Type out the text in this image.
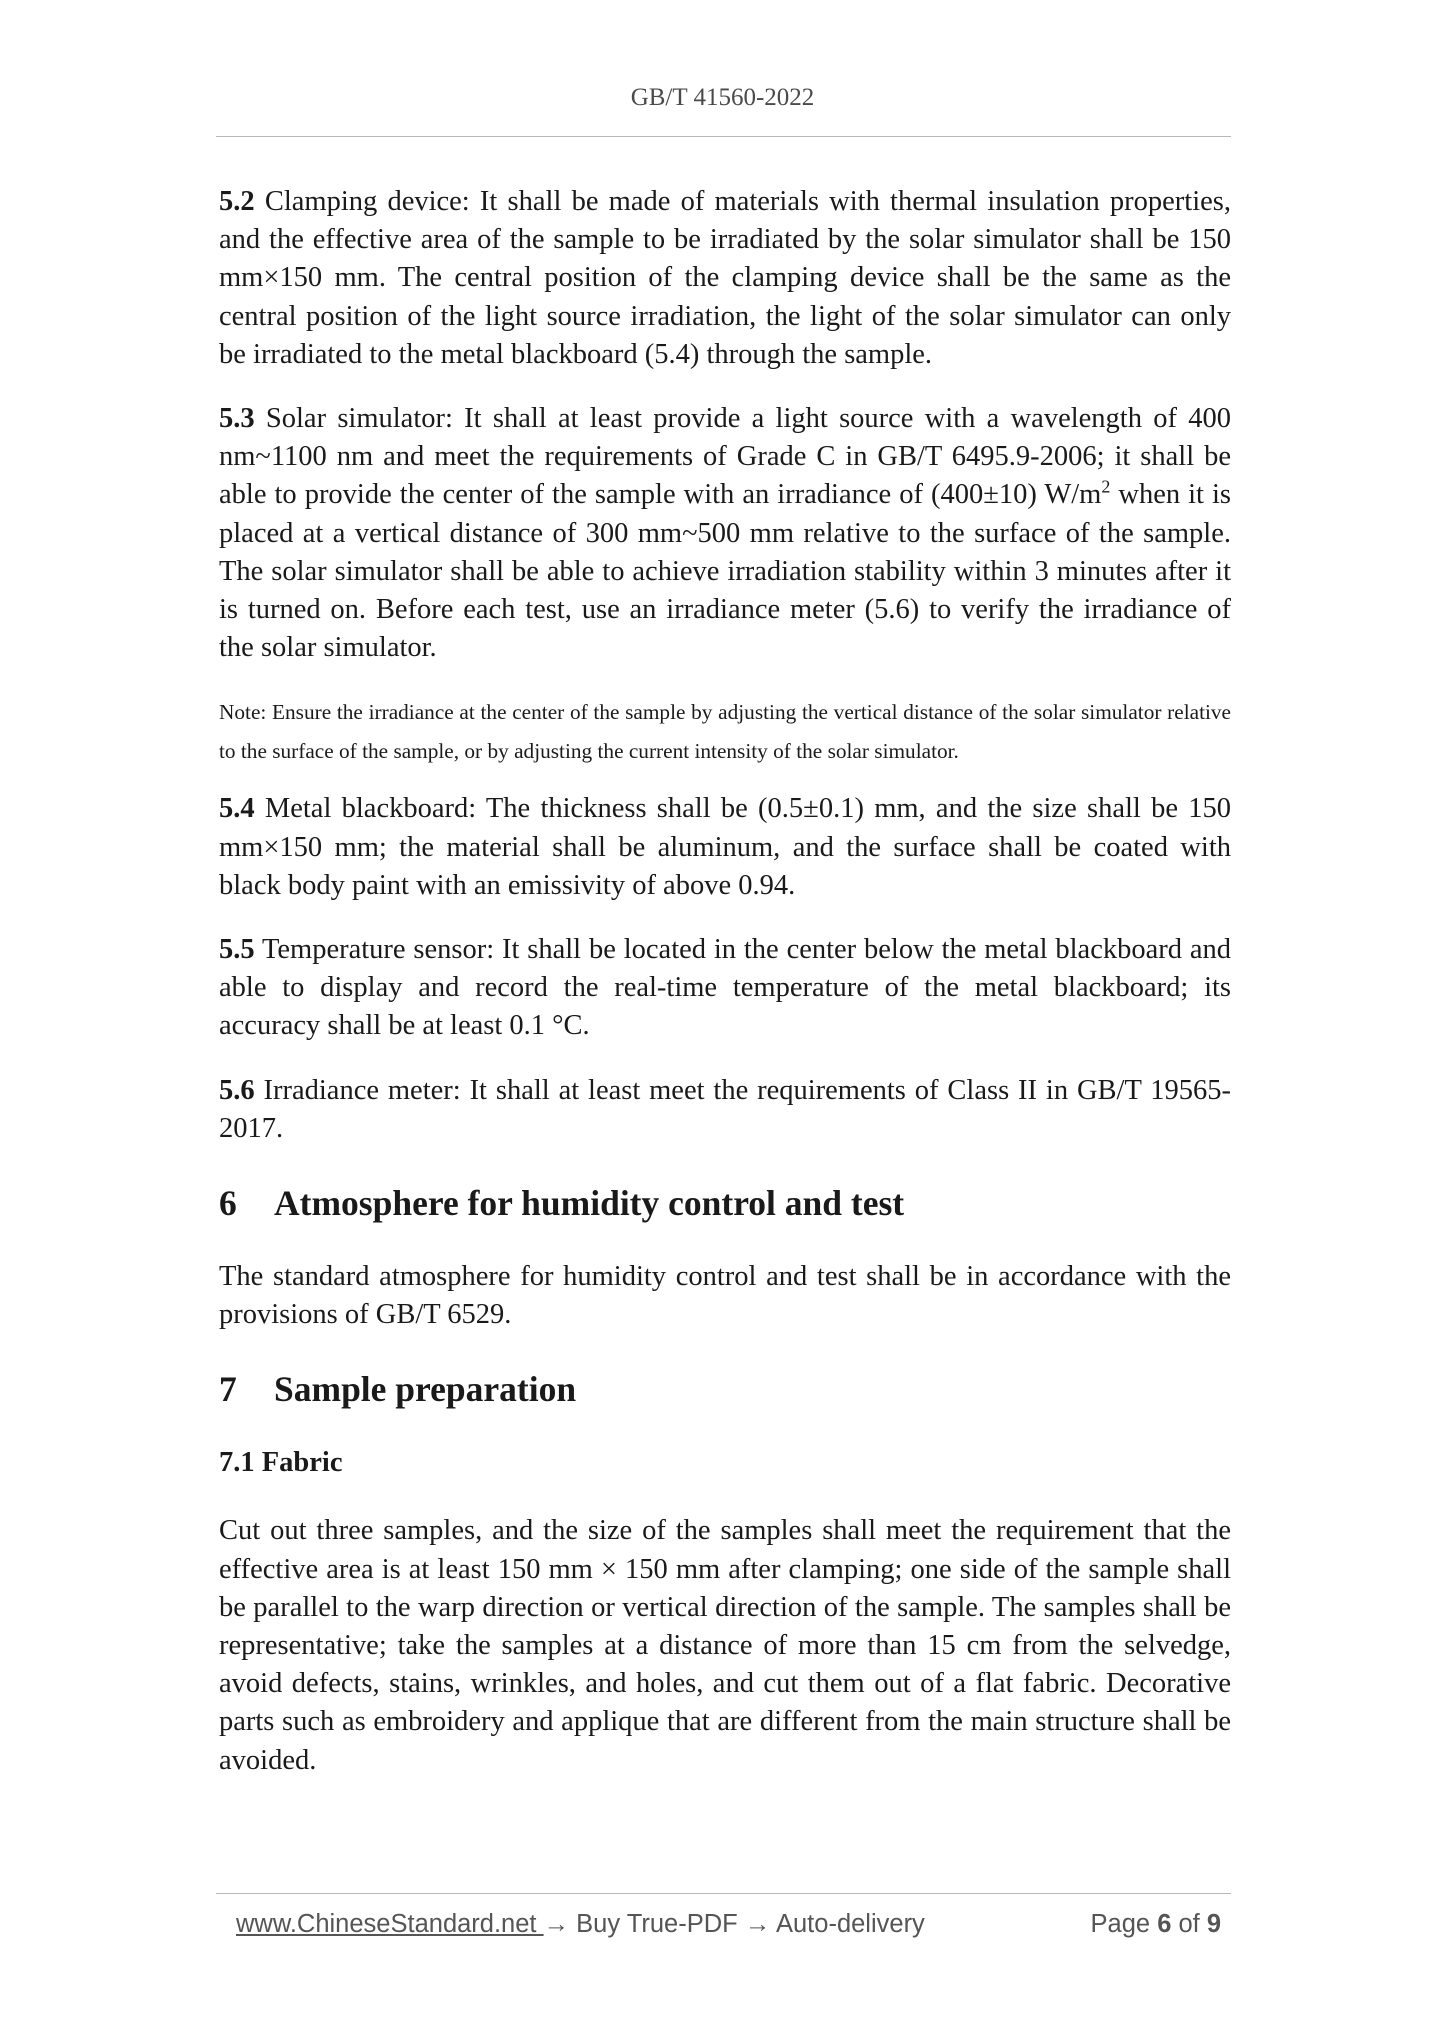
GB/T 41560-2022

5.2 Clamping device: It shall be made of materials with thermal insulation properties, and the effective area of the sample to be irradiated by the solar simulator shall be 150 mm×150 mm. The central position of the clamping device shall be the same as the central position of the light source irradiation, the light of the solar simulator can only be irradiated to the metal blackboard (5.4) through the sample.

5.3 Solar simulator: It shall at least provide a light source with a wavelength of 400 nm~1100 nm and meet the requirements of Grade C in GB/T 6495.9-2006; it shall be able to provide the center of the sample with an irradiance of (400±10) $W/m^2$ when it is placed at a vertical distance of 300 mm~500 mm relative to the surface of the sample. The solar simulator shall be able to achieve irradiation stability within 3 minutes after it is turned on. Before each test, use an irradiance meter (5.6) to verify the irradiance of the solar simulator.

Note: Ensure the irradiance at the center of the sample by adjusting the vertical distance of the solar simulator relative to the surface of the sample, or by adjusting the current intensity of the solar simulator.

5.4 Metal blackboard: The thickness shall be (0.5±0.1) mm, and the size shall be 150 mm×150 mm; the material shall be aluminum, and the surface shall be coated with black body paint with an emissivity of above 0.94.

5.5 Temperature sensor: It shall be located in the center below the metal blackboard and able to display and record the real-time temperature of the metal blackboard; its accuracy shall be at least 0.1 °C.

5.6 Irradiance meter: It shall at least meet the requirements of Class II in GB/T 19565-2017.

6 Atmosphere for humidity control and test

The standard atmosphere for humidity control and test shall be in accordance with the provisions of GB/T 6529.

7 Sample preparation
7.1 Fabric

Cut out three samples, and the size of the samples shall meet the requirement that the effective area is at least 150 mm × 150 mm after clamping; one side of the sample shall be parallel to the warp direction or vertical direction of the sample. The samples shall be representative; take the samples at a distance of more than 15 cm from the selvedge, avoid defects, stains, wrinkles, and holes, and cut them out of a flat fabric. Decorative parts such as embroidery and applique that are different from the main structure shall be avoided.

www.ChineseStandard.net → Buy True-PDF → Auto-delivery	Page 6 of 9
